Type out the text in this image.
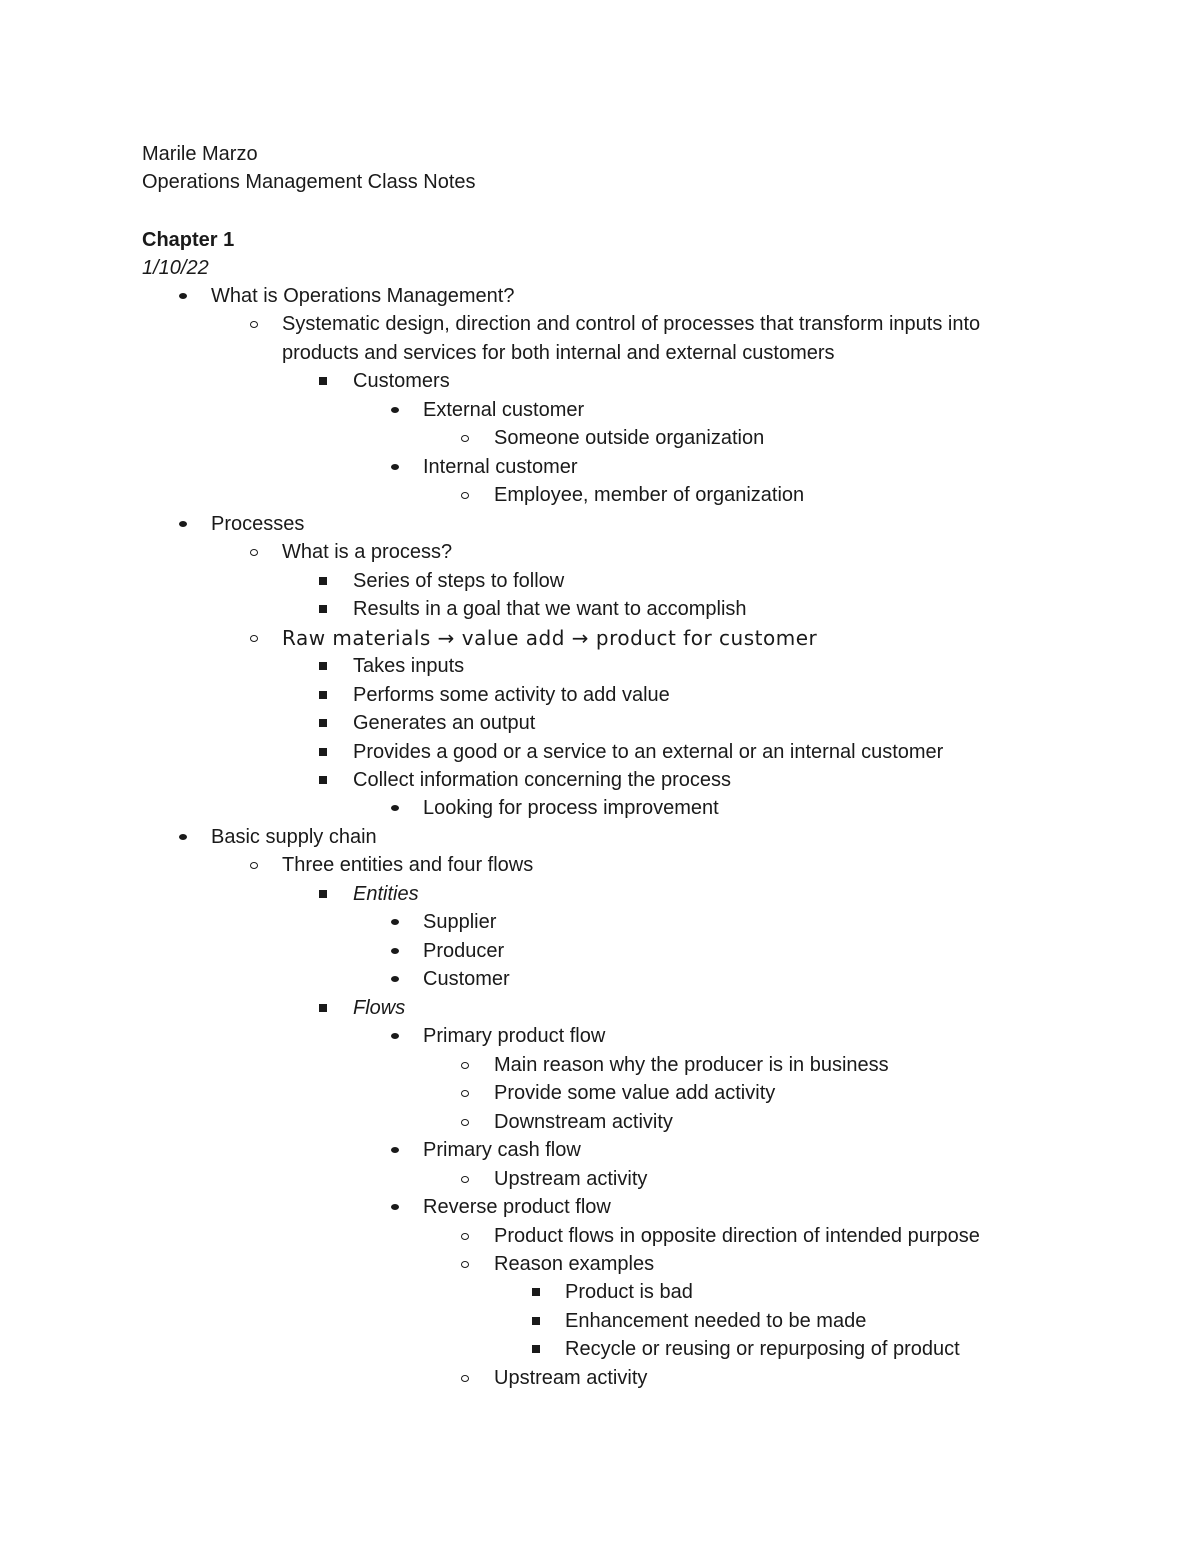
Marile Marzo
Operations Management Class Notes
Chapter 1
1/10/22
What is Operations Management?
Systematic design, direction and control of processes that transform inputs into
products and services for both internal and external customers
Customers
External customer
Someone outside organization
Internal customer
Employee, member of organization
Processes
What is a process?
Series of steps to follow
Results in a goal that we want to accomplish
Raw materials → value add → product for customer
Takes inputs
Performs some activity to add value
Generates an output
Provides a good or a service to an external or an internal customer
Collect information concerning the process
Looking for process improvement
Basic supply chain
Three entities and four flows
Entities
Supplier
Producer
Customer
Flows
Primary product flow
Main reason why the producer is in business
Provide some value add activity
Downstream activity
Primary cash flow
Upstream activity
Reverse product flow
Product flows in opposite direction of intended purpose
Reason examples
Product is bad
Enhancement needed to be made
Recycle or reusing or repurposing of product
Upstream activity
